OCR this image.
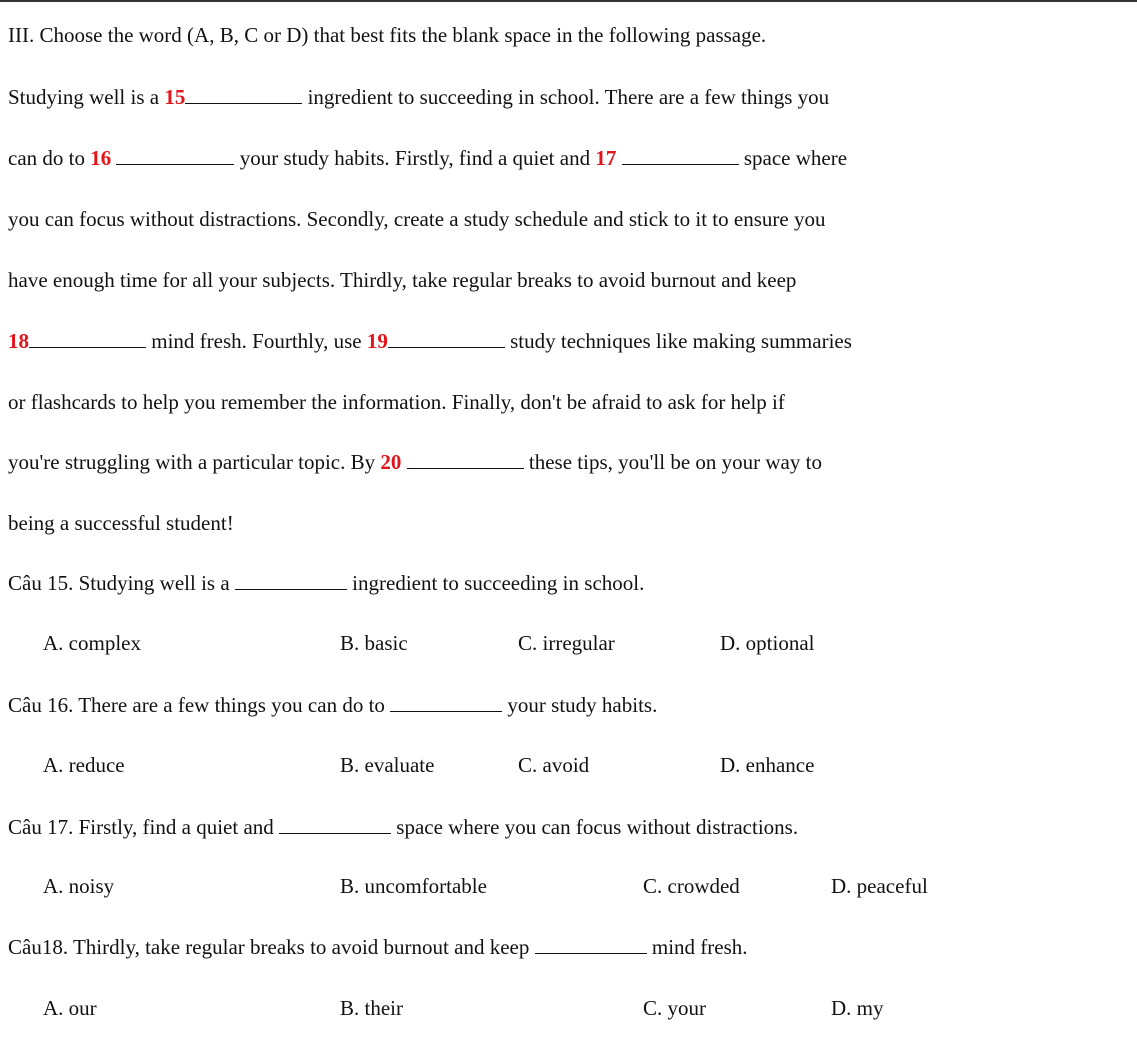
III. Choose the word (A, B, C or D) that best fits the blank space in the following passage.
Studying well is a 15	ingredient to succeeding in school. There are a few things you
can do to 16	your study habits. Firstly, find a quiet and 17	space where
you can focus without distractions. Secondly, create a study schedule and stick to it to ensure you
have enough time for all your subjects. Thirdly, take regular breaks to avoid burnout and keep
18	mind fresh. Fourthly, use 19	study techniques like making summaries
or flashcards to help you remember the information. Finally, don't be afraid to ask for help if
you're struggling with a particular topic. By 20	these tips, you'll be on your way to
being a successful student!
Câu 15. Studying well is a	ingredient to succeeding in school.
A. complex	B. basic	C. irregular	D. optional
Câu 16. There are a few things you can do to	your study habits.
A. reduce	B. evaluate	C. avoid	D. enhance
Câu 17. Firstly, find a quiet and	space where you can focus without distractions.
A. noisy	B. uncomfortable	C. crowded	D. peaceful
Câu18. Thirdly, take regular breaks to avoid burnout and keep	mind fresh.
A. our	B. their	C. your	D. my
